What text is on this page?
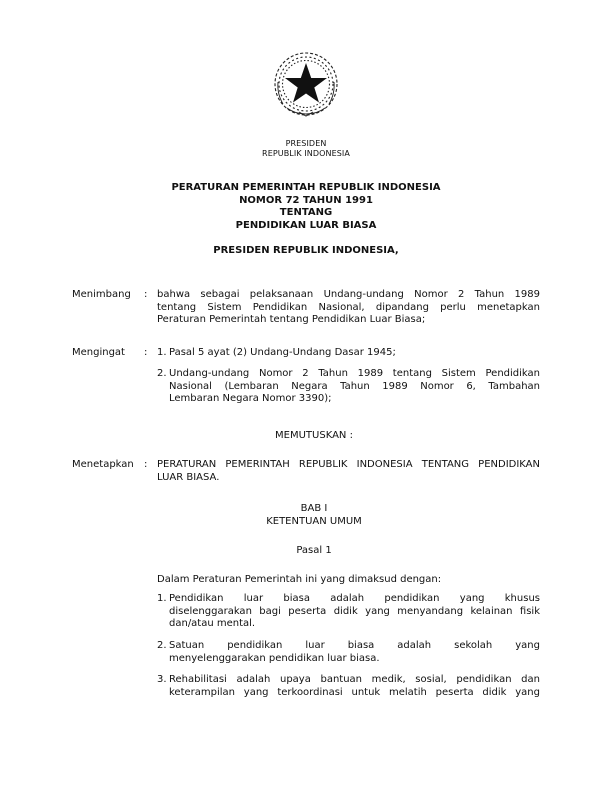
PRESIDEN
REPUBLIK INDONESIA
PERATURAN PEMERINTAH REPUBLIK INDONESIA
NOMOR 72 TAHUN 1991
TENTANG
PENDIDIKAN LUAR BIASA
PRESIDEN REPUBLIK INDONESIA,
Menimbang : bahwa sebagai pelaksanaan Undang-undang Nomor 2 Tahun 1989
tentang Sistem Pendidikan Nasional, dipandang perlu menetapkan
Peraturan Pemerintah tentang Pendidikan Luar Biasa;
Mengingat : 1. Pasal 5 ayat (2) Undang-Undang Dasar 1945;
2. Undang-undang Nomor 2 Tahun 1989 tentang Sistem Pendidikan
Nasional (Lembaran Negara Tahun 1989 Nomor 6, Tambahan
Lembaran Negara Nomor 3390);
MEMUTUSKAN :
Menetapkan : PERATURAN PEMERINTAH REPUBLIK INDONESIA TENTANG PENDIDIKAN
LUAR BIASA.
BAB I
KETENTUAN UMUM
Pasal 1
Dalam Peraturan Pemerintah ini yang dimaksud dengan:
1. Pendidikan luar biasa adalah pendidikan yang khusus
diselenggarakan bagi peserta didik yang menyandang kelainan fisik
dan/atau mental.
2. Satuan pendidikan luar biasa adalah sekolah yang
menyelenggarakan pendidikan luar biasa.
3. Rehabilitasi adalah upaya bantuan medik, sosial, pendidikan dan
keterampilan yang terkoordinasi untuk melatih peserta didik yang
